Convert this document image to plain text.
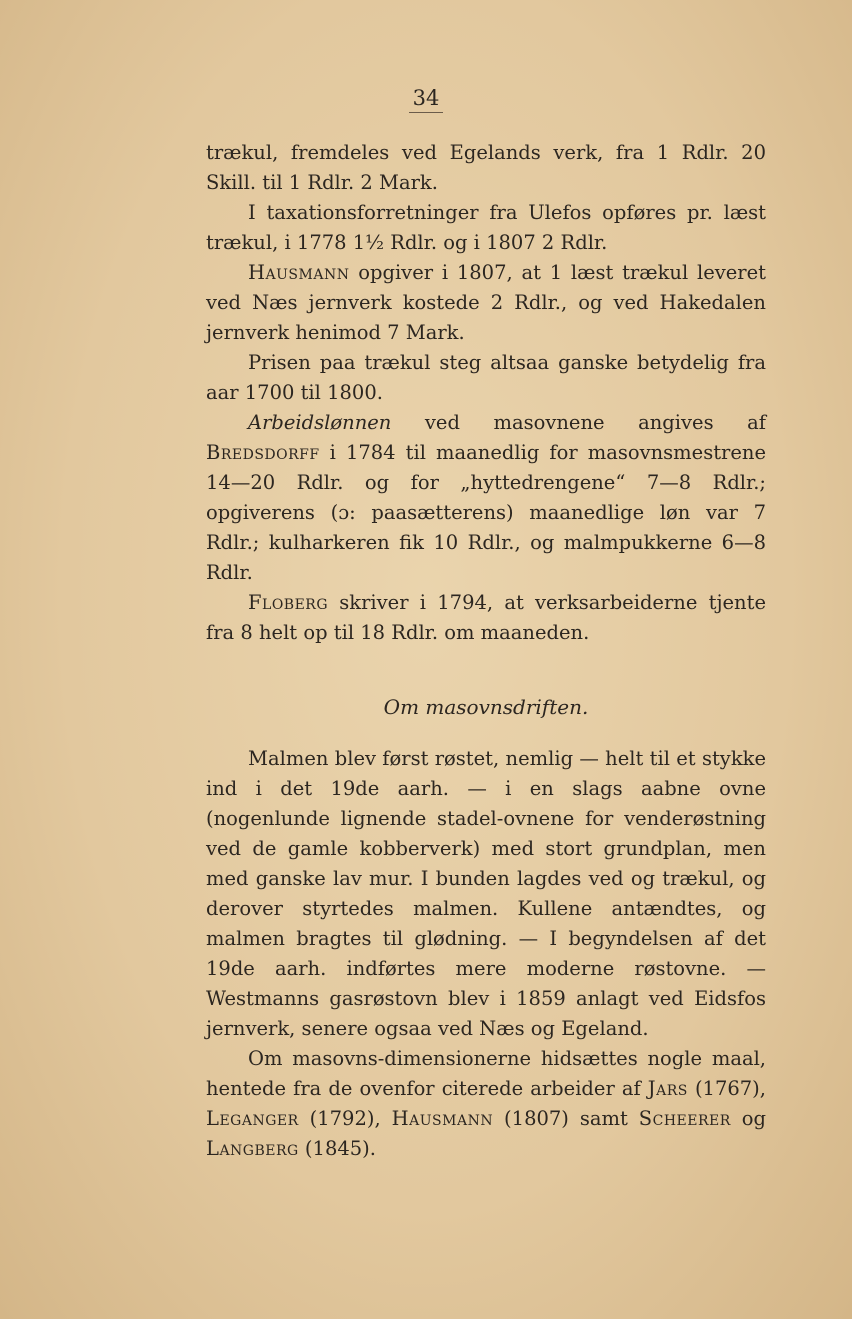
34

trækul, fremdeles ved Egelands verk, fra 1 Rdlr. 20 Skill. til 1 Rdlr. 2 Mark.

I taxationsforretninger fra Ulefos opføres pr. læst trækul, i 1778 1½ Rdlr. og i 1807 2 Rdlr.

Hausmann opgiver i 1807, at 1 læst trækul leveret ved Næs jernverk kostede 2 Rdlr., og ved Hakedalen jernverk henimod 7 Mark.

Prisen paa trækul steg altsaa ganske betydelig fra aar 1700 til 1800.

Arbeidslønnen ved masovnene angives af Bredsdorff i 1784 til maanedlig for masovnsmestrene 14—20 Rdlr. og for „hyttedrengene“ 7—8 Rdlr.; opgiverens (ɔ: paasætterens) maanedlige løn var 7 Rdlr.; kulharkeren fik 10 Rdlr., og malmpukkerne 6—8 Rdlr.

Floberg skriver i 1794, at verksarbeiderne tjente fra 8 helt op til 18 Rdlr. om maaneden.

Om masovnsdriften.

Malmen blev først røstet, nemlig — helt til et stykke ind i det 19de aarh. — i en slags aabne ovne (nogenlunde lignende stadel-ovnene for venderøstning ved de gamle kobberverk) med stort grundplan, men med ganske lav mur. I bunden lagdes ved og trækul, og derover styrtedes malmen. Kullene antændtes, og malmen bragtes til glødning. — I begyndelsen af det 19de aarh. indførtes mere moderne røstovne. — Westmanns gasrøstovn blev i 1859 anlagt ved Eidsfos jernverk, senere ogsaa ved Næs og Egeland.

Om masovns-dimensionerne hidsættes nogle maal, hentede fra de ovenfor citerede arbeider af Jars (1767), Leganger (1792), Hausmann (1807) samt Scheerer og Langberg (1845).
